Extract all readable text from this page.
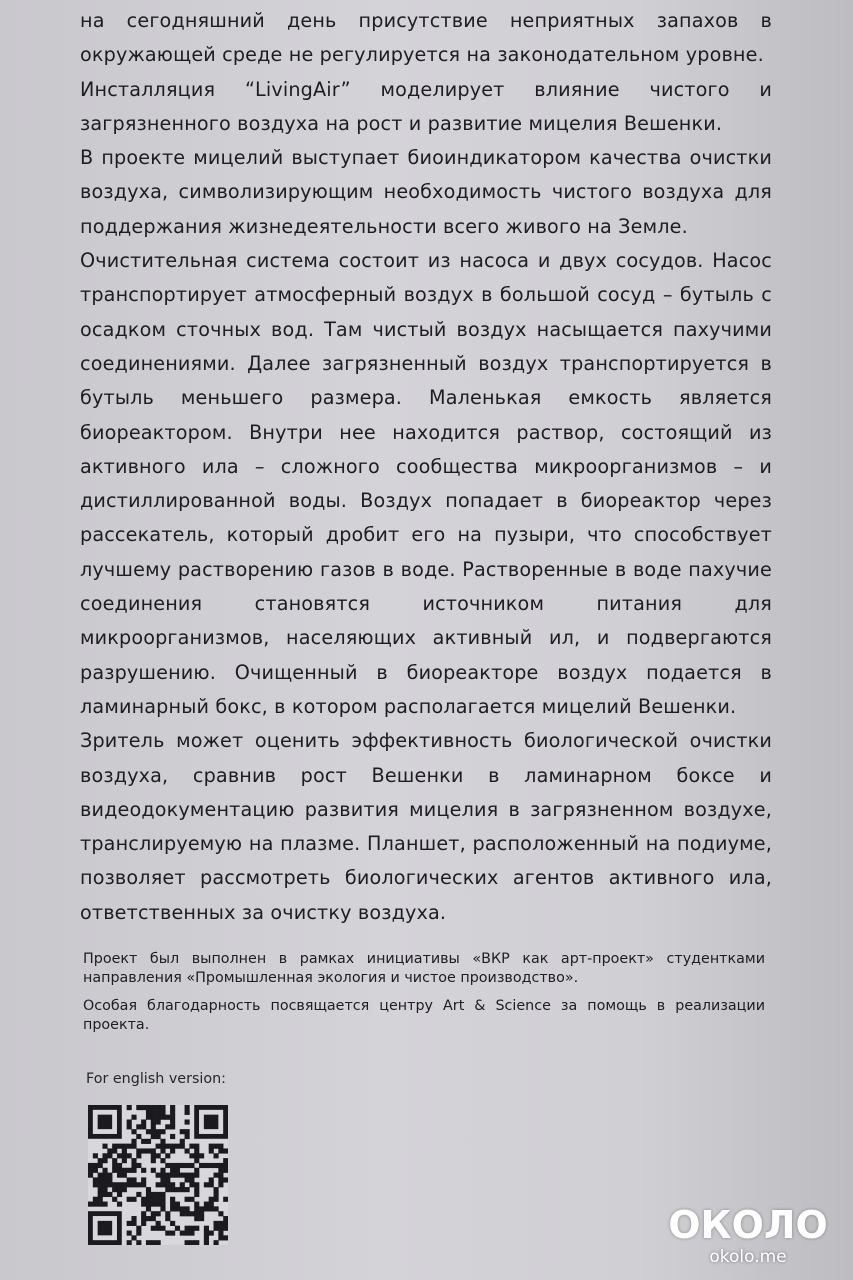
на сегодняшний день присутствие неприятных запахов в окружающей среде не регулируется на законодательном уровне.

Инсталляция “LivingAir” моделирует влияние чистого и загрязненного воздуха на рост и развитие мицелия Вешенки.

В проекте мицелий выступает биоиндикатором качества очистки воздуха, символизирующим необходимость чистого воздуха для поддержания жизнедеятельности всего живого на Земле.

Очистительная система состоит из насоса и двух сосудов. Насос транспортирует атмосферный воздух в большой сосуд – бутыль с осадком сточных вод. Там чистый воздух насыщается пахучими соединениями. Далее загрязненный воздух транспортируется в бутыль меньшего размера. Маленькая емкость является биореактором. Внутри нее находится раствор, состоящий из активного ила – сложного сообщества микроорганизмов – и дистиллированной воды. Воздух попадает в биореактор через рассекатель, который дробит его на пузыри, что способствует лучшему растворению газов в воде. Растворенные в воде пахучие соединения становятся источником питания для микроорганизмов, населяющих активный ил, и подвергаются разрушению. Очищенный в биореакторе воздух подается в ламинарный бокс, в котором располагается мицелий Вешенки.

Зритель может оценить эффективность биологической очистки воздуха, сравнив рост Вешенки в ламинарном боксе и видеодокументацию развития мицелия в загрязненном воздухе, транслируемую на плазме. Планшет, расположенный на подиуме, позволяет рассмотреть биологических агентов активного ила, ответственных за очистку воздуха.

Проект был выполнен в рамках инициативы «ВКР как арт-проект» студентками направления «Промышленная экология и чистое производство».

Особая благодарность посвящается центру Art & Science за помощь в реализации проекта.

For english version:
ОКОЛО
okolo.me
